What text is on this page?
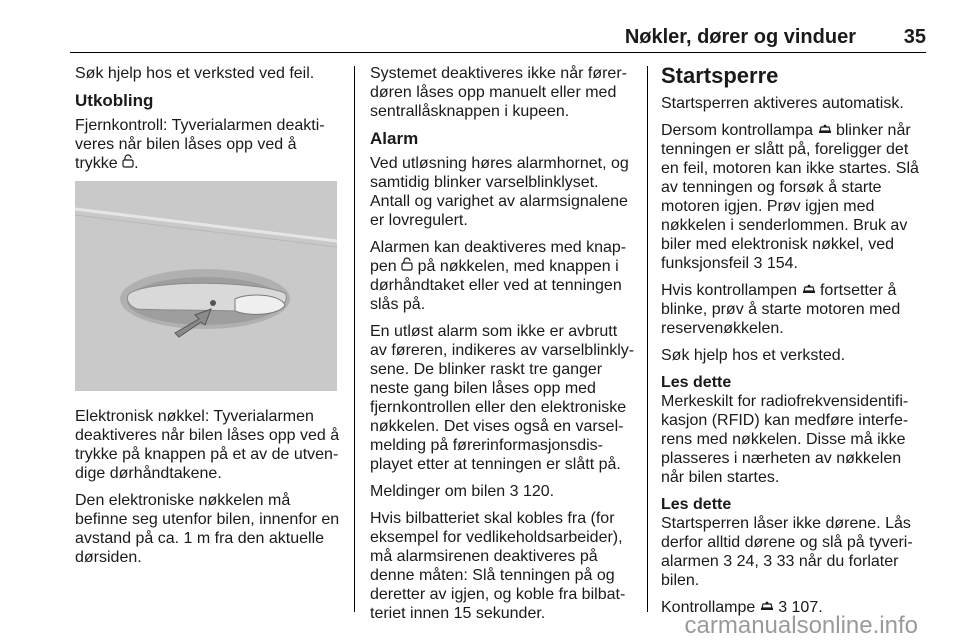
Nøkler, dører og vinduer 35

Søk hjelp hos et verksted ved feil.

Utkobling

Fjernkontroll: Tyverialarmen deaktiveres når bilen låses opp ved å trykke .

Elektronisk nøkkel: Tyverialarmen deaktiveres når bilen låses opp ved å trykke på knappen på et av de utvendige dørhåndtakene.

Den elektroniske nøkkelen må befinne seg utenfor bilen, innenfor en avstand på ca. 1 m fra den aktuelle dørsiden.

Systemet deaktiveres ikke når førerdøren låses opp manuelt eller med sentrallåsknappen i kupeen.

Alarm

Ved utløsning høres alarmhornet, og samtidig blinker varselblinklyset. Antall og varighet av alarmsignalene er lovregulert.

Alarmen kan deaktiveres med knappen på nøkkelen, med knappen i dørhåndtaket eller ved at tenningen slås på.

En utløst alarm som ikke er avbrutt av føreren, indikeres av varselblinklysene. De blinker raskt tre ganger neste gang bilen låses opp med fjernkontrollen eller den elektroniske nøkkelen. Det vises også en varselmelding på førerinformasjonsdisplayet etter at tenningen er slått på.

Meldinger om bilen 3 120.

Hvis bilbatteriet skal kobles fra (for eksempel for vedlikeholdsarbeider), må alarmsirenen deaktiveres på denne måten: Slå tenningen på og deretter av igjen, og koble fra bilbatteriet innen 15 sekunder.

Startsperre

Startsperren aktiveres automatisk.

Dersom kontrollampa blinker når tenningen er slått på, foreligger det en feil, motoren kan ikke startes. Slå av tenningen og forsøk å starte motoren igjen. Prøv igjen med nøkkelen i senderlommen. Bruk av biler med elektronisk nøkkel, ved funksjonsfeil 3 154.

Hvis kontrollampen fortsetter å blinke, prøv å starte motoren med reservenøkkelen.

Søk hjelp hos et verksted.

Les dette
Merkeskilt for radiofrekvensidentifikasjon (RFID) kan medføre interferens med nøkkelen. Disse må ikke plasseres i nærheten av nøkkelen når bilen startes.

Les dette
Startsperren låser ikke dørene. Lås derfor alltid dørene og slå på tyverialarmen 3 24, 3 33 når du forlater bilen.

Kontrollampe 3 107.

carmanualsonline.info
